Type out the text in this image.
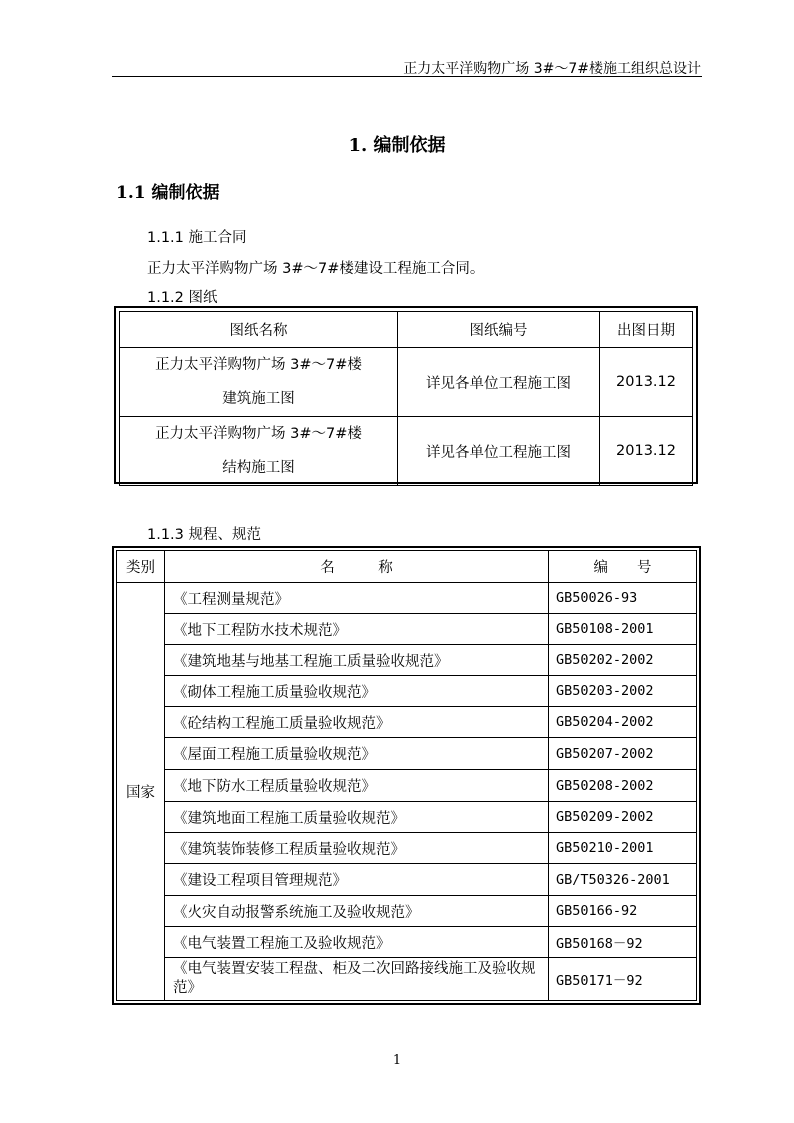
正力太平洋购物广场 3#～7#楼施工组织总设计
1. 编制依据
1.1 编制依据
1.1.1 施工合同
正力太平洋购物广场 3#～7#楼建设工程施工合同。
1.1.2 图纸
图纸名称	图纸编号	出图日期

正力太平洋购物广场 3#～7#楼
建筑施工图	详见各单位工程施工图	2013.12

正力太平洋购物广场 3#～7#楼
结构施工图	详见各单位工程施工图	2013.12
1.1.3 规程、规范
类别	名　　　称	编　　号
国家	《工程测量规范》	GB50026-93
	《地下工程防水技术规范》	GB50108-2001
	《建筑地基与地基工程施工质量验收规范》	GB50202-2002
	《砌体工程施工质量验收规范》	GB50203-2002
	《砼结构工程施工质量验收规范》	GB50204-2002
	《屋面工程施工质量验收规范》	GB50207-2002
	《地下防水工程质量验收规范》	GB50208-2002
	《建筑地面工程施工质量验收规范》	GB50209-2002
	《建筑装饰装修工程质量验收规范》	GB50210-2001
	《建设工程项目管理规范》	GB/T50326-2001
	《火灾自动报警系统施工及验收规范》	GB50166-92
	《电气装置工程施工及验收规范》	GB50168－92
	《电气装置安装工程盘、柜及二次回路接线施工及验收规范》	GB50171－92
1
